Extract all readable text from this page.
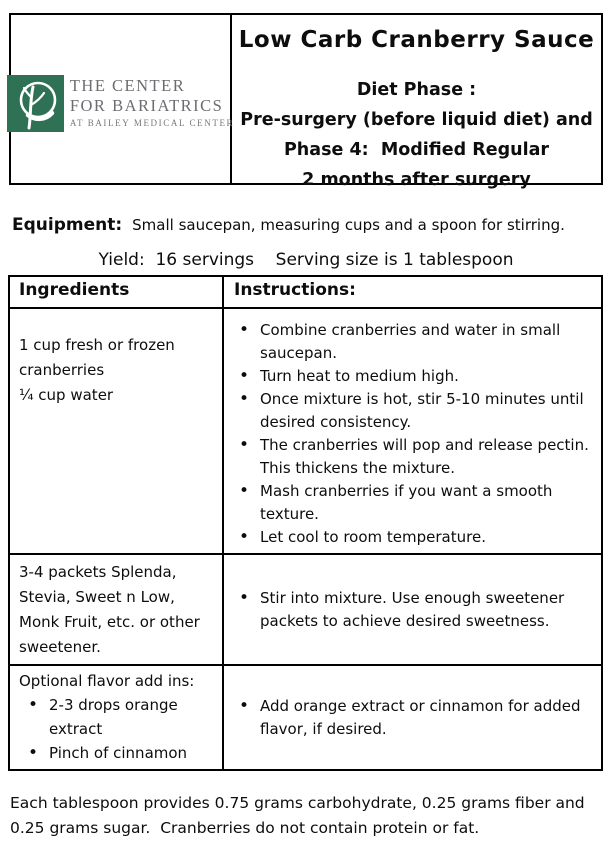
THE CENTER
FOR BARIATRICS
AT BAILEY MEDICAL CENTER
Low Carb Cranberry Sauce
Diet Phase :
Pre-surgery (before liquid diet) and
Phase 4:  Modified Regular
2 months after surgery

Equipment: Small saucepan, measuring cups and a spoon for stirring.

Yield:  16 servings    Serving size is 1 tablespoon
Ingredients	Instructions:
1 cup fresh or frozen cranberries
¼ cup water
• Combine cranberries and water in small saucepan.
• Turn heat to medium high.
• Once mixture is hot, stir 5-10 minutes until desired consistency.
• The cranberries will pop and release pectin. This thickens the mixture.
• Mash cranberries if you want a smooth texture.
• Let cool to room temperature.
3-4 packets Splenda, Stevia, Sweet n Low, Monk Fruit, etc. or other sweetener.
• Stir into mixture. Use enough sweetener packets to achieve desired sweetness.
Optional flavor add ins:
• 2-3 drops orange extract
• Pinch of cinnamon
• Add orange extract or cinnamon for added flavor, if desired.

Each tablespoon provides 0.75 grams carbohydrate, 0.25 grams fiber and 0.25 grams sugar.  Cranberries do not contain protein or fat.
